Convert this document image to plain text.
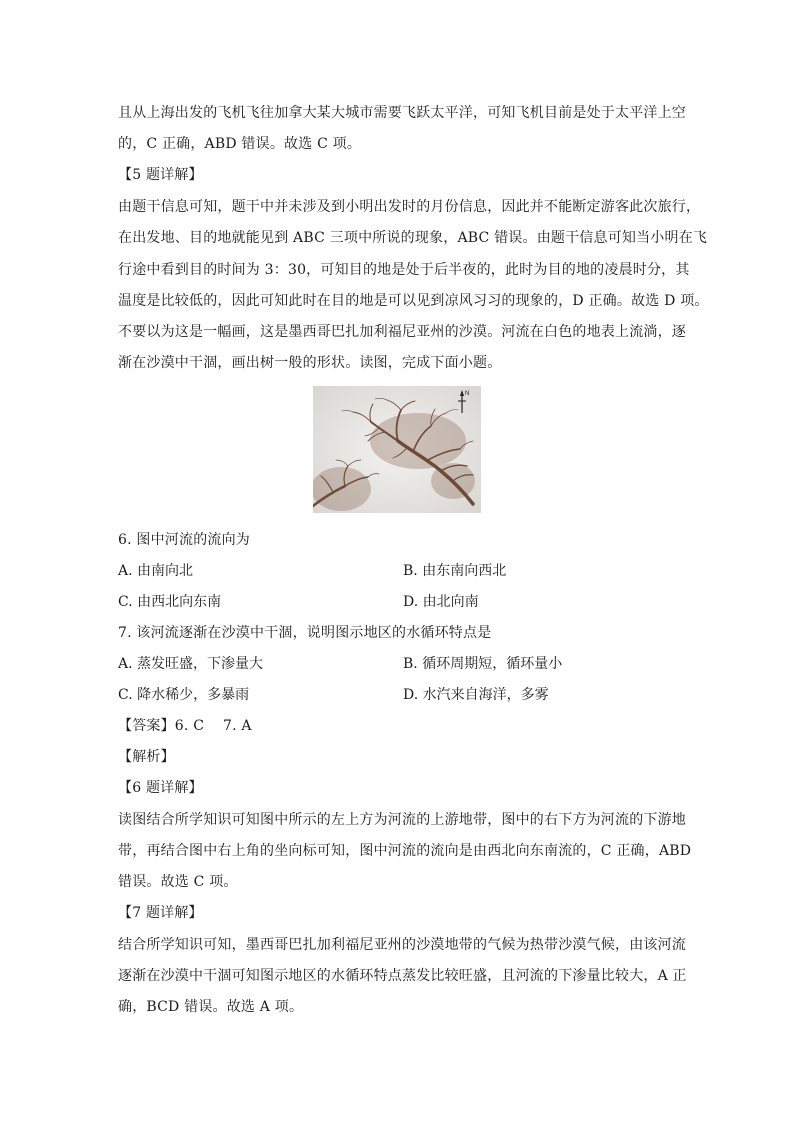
且从上海出发的飞机飞往加拿大某大城市需要飞跃太平洋，可知飞机目前是处于太平洋上空
的，C 正确，ABD 错误。故选 C 项。
【5 题详解】
由题干信息可知，题干中并未涉及到小明出发时的月份信息，因此并不能断定游客此次旅行，
在出发地、目的地就能见到 ABC 三项中所说的现象，ABC 错误。由题干信息可知当小明在飞
行途中看到目的时间为 3：30，可知目的地是处于后半夜的，此时为目的地的凌晨时分，其
温度是比较低的，因此可知此时在目的地是可以见到凉风习习的现象的，D 正确。故选 D 项。
不要以为这是一幅画，这是墨西哥巴扎加利福尼亚州的沙漠。河流在白色的地表上流淌，逐
渐在沙漠中干涸，画出树一般的形状。读图，完成下面小题。
N
6. 图中河流的流向为
A. 由南向北	B. 由东南向西北
C. 由西北向东南	D. 由北向南
7. 该河流逐渐在沙漠中干涸，说明图示地区的水循环特点是
A. 蒸发旺盛，下渗量大	B. 循环周期短，循环量小
C. 降水稀少，多暴雨	D. 水汽来自海洋，多雾
【答案】6. C　 7. A
【解析】
【6 题详解】
读图结合所学知识可知图中所示的左上方为河流的上游地带，图中的右下方为河流的下游地
带，再结合图中右上角的坐向标可知，图中河流的流向是由西北向东南流的，C 正确，ABD
错误。故选 C 项。
【7 题详解】
结合所学知识可知，墨西哥巴扎加利福尼亚州的沙漠地带的气候为热带沙漠气候，由该河流
逐渐在沙漠中干涸可知图示地区的水循环特点蒸发比较旺盛，且河流的下渗量比较大，A 正
确，BCD 错误。故选 A 项。
